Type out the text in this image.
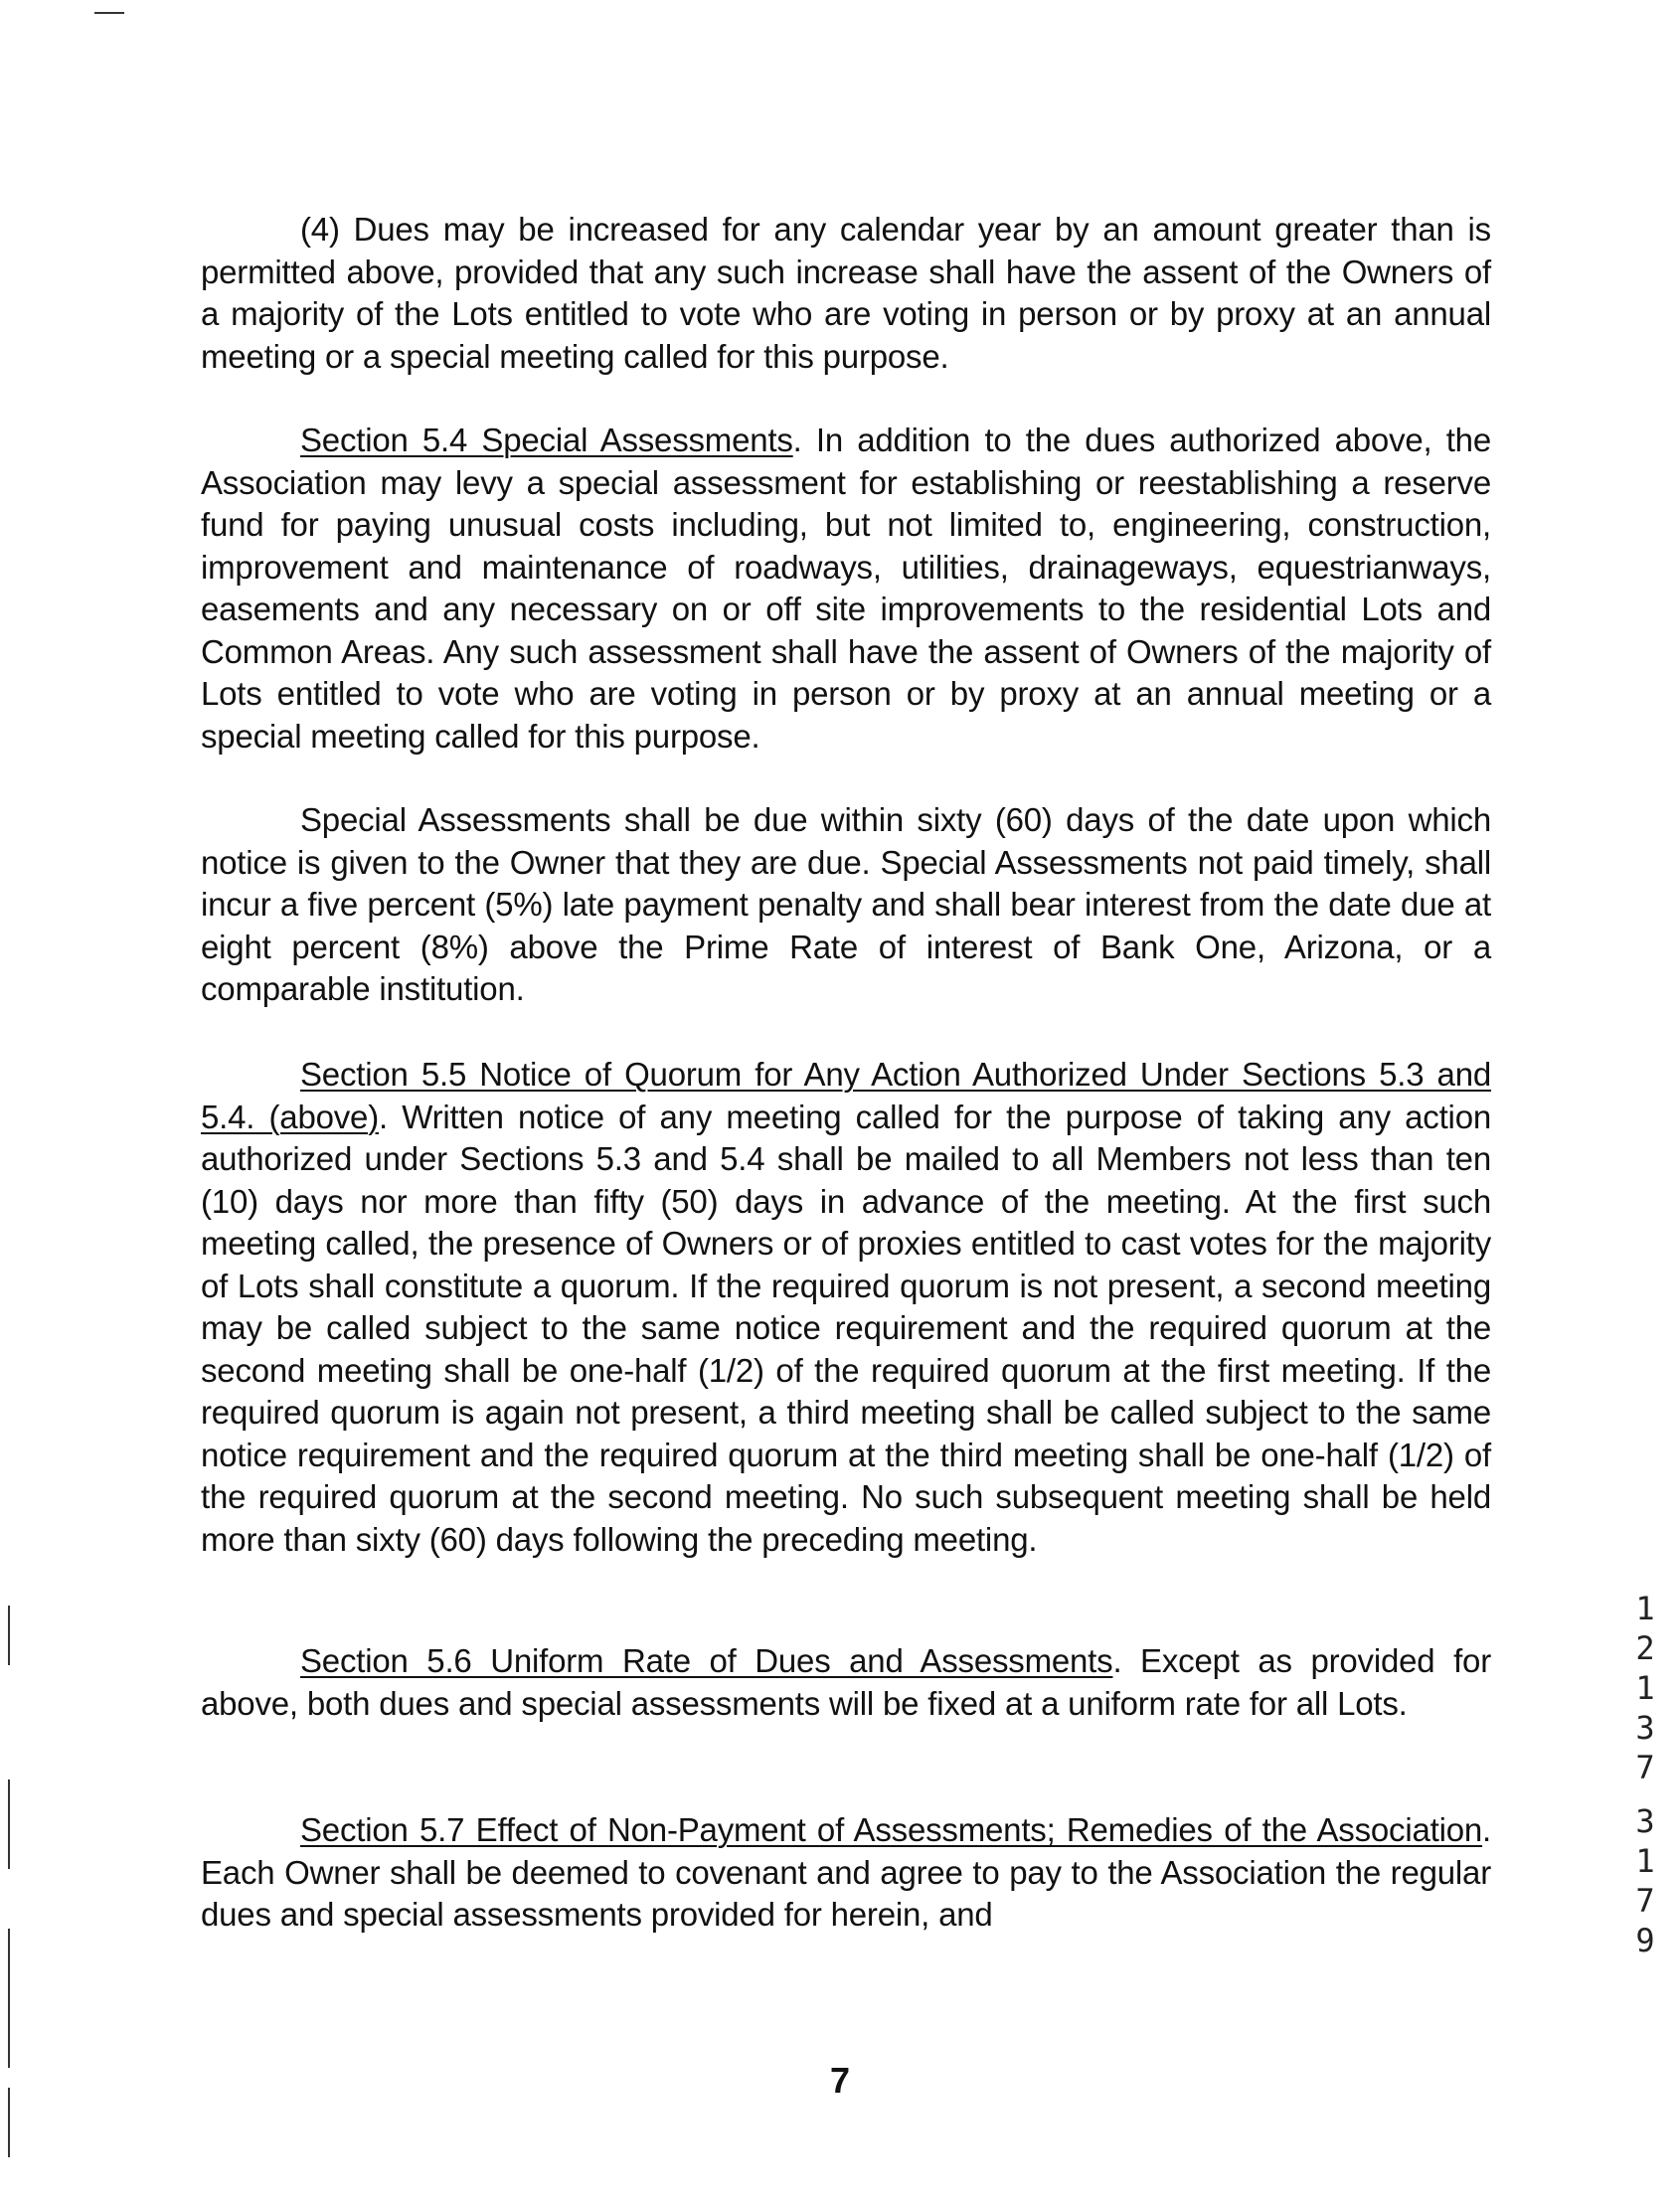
(4) Dues may be increased for any calendar year by an amount greater than is permitted above, provided that any such increase shall have the assent of the Owners of a majority of the Lots entitled to vote who are voting in person or by proxy at an annual meeting or a special meeting called for this purpose.

Section 5.4 Special Assessments. In addition to the dues authorized above, the Association may levy a special assessment for establishing or reestablishing a reserve fund for paying unusual costs including, but not limited to, engineering, construction, improvement and maintenance of roadways, utilities, drainageways, equestrianways, easements and any necessary on or off site improvements to the residential Lots and Common Areas. Any such assessment shall have the assent of Owners of the majority of Lots entitled to vote who are voting in person or by proxy at an annual meeting or a special meeting called for this purpose.

Special Assessments shall be due within sixty (60) days of the date upon which notice is given to the Owner that they are due. Special Assessments not paid timely, shall incur a five percent (5%) late payment penalty and shall bear interest from the date due at eight percent (8%) above the Prime Rate of interest of Bank One, Arizona, or a comparable institution.

Section 5.5 Notice of Quorum for Any Action Authorized Under Sections 5.3 and 5.4. (above). Written notice of any meeting called for the purpose of taking any action authorized under Sections 5.3 and 5.4 shall be mailed to all Members not less than ten (10) days nor more than fifty (50) days in advance of the meeting. At the first such meeting called, the presence of Owners or of proxies entitled to cast votes for the majority of Lots shall constitute a quorum. If the required quorum is not present, a second meeting may be called subject to the same notice requirement and the required quorum at the second meeting shall be one-half (1/2) of the required quorum at the first meeting. If the required quorum is again not present, a third meeting shall be called subject to the same notice requirement and the required quorum at the third meeting shall be one-half (1/2) of the required quorum at the second meeting. No such subsequent meeting shall be held more than sixty (60) days following the preceding meeting.

Section 5.6 Uniform Rate of Dues and Assessments. Except as provided for above, both dues and special assessments will be fixed at a uniform rate for all Lots.

Section 5.7 Effect of Non-Payment of Assessments; Remedies of the Association. Each Owner shall be deemed to covenant and agree to pay to the Association the regular dues and special assessments provided for herein, and

1
2
1
3
7
3
1
7
9
7
